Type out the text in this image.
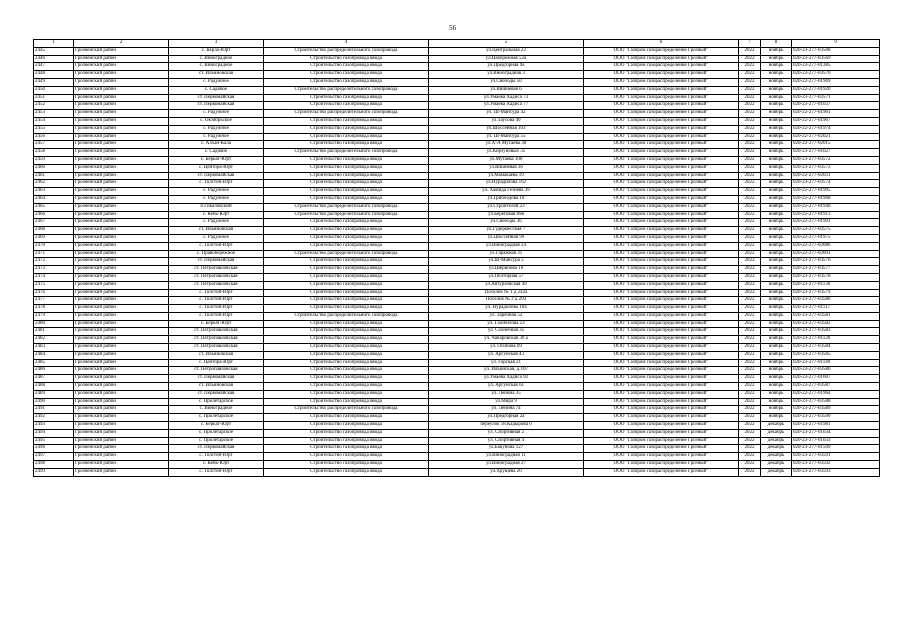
56
1	2	3	4	5	6	7	8	9
2445	Грозненский район	с. Керла-Юрт	Строительство распределительного газопровода	ул.Центральная 22	ООО "Газпром газораспределение Грозный"	2022	ноябрь	020-23-277-03568
2446	Грозненский район	с. Виноградное	Строительство газопровода ввода	ул.Набережная 52а	ООО "Газпром газораспределение Грозный"	2022	ноябрь	020-23-277-03569
2447	Грозненский район	с. Виноградное	Строительство газопровода ввода	ул.Предгорная 9а	ООО "Газпром газораспределение Грозный"	2022	ноябрь	020-23-277-01385
2448	Грозненский район	ст. Ильиновская	Строительство газопровода ввода	ул.Виноградная 3	ООО "Газпром газораспределение Грозный"	2022	ноябрь	020-23-277-03570
2449	Грозненский район	с. Радужное	Строительство газопровода ввода	ул.Свободы 50	ООО "Газпром газораспределение Грозный"	2022	ноябрь	020-22-277-01969
2450	Грозненский район	с. Садовое	Строительство распределительного газопровода	ул.Вишневая 6	ООО "Газпром газораспределение Грозный"	2022	ноябрь	020-22-277-01920
2451	Грозненский район	ст. Первомайская	Строительство газопровода ввода	ул.Умаева Хадиса 73	ООО "Газпром газораспределение Грозный"	2022	ноябрь	020-23-277-03571
2452	Грозненский район	ст. Первомайская	Строительство газопровода ввода	ул.Умаева Хадиса 77	ООО "Газпром газораспределение Грозный"	2022	ноябрь	020-23-277-01637
2453	Грозненский район	с. Радужное	Строительство распределительного газопровода	ул. Ш-Мансура 42	ООО "Газпром газораспределение Грозный"	2022	ноябрь	020-22-277-01961
2454	Грозненский район	с. Октябрьское	Строительство газопровода ввода	ул.Таусова 40	ООО "Газпром газораспределение Грозный"	2022	ноябрь	020-22-277-01967
2455	Грозненский район	с. Радужное	Строительство газопровода ввода	ул.Шоссейная 103	ООО "Газпром газораспределение Грозный"	2022	ноябрь	020-22-277-01974
2456	Грозненский район	с. Радужное	Строительство газопровода ввода	ул. Ш-Мансура 55	ООО "Газпром газораспределение Грозный"	2022	ноябрь	020-22-277-02021
2457	Грозненский район	с. Алхан-Кала	Строительство газопровода ввода	ул.Х-А Мусаева 30	ООО "Газпром газораспределение Грозный"	2022	ноябрь	020-22-277-02015
2458	Грозненский район	с. Садовое	Строительство распределительного газопровода	ул.Кирзуновых 35	ООО "Газпром газораспределение Грозный"	2022	ноябрь	020-23-277-01627
2459	Грозненский район	с. Беркат-Юрт	Строительство газопровода ввода	ул.Мутаева 100	ООО "Газпром газораспределение Грозный"	2022	ноябрь	020-23-277-03572
2460	Грозненский район	с. Центора-Юрт	Строительство газопровода ввода	ул.Вишневая 36	ООО "Газпром газораспределение Грозный"	2022	ноябрь	020-23-277-03573
2461	Грозненский район	ст. Первомайская	Строительство газопровода ввода	ул.Мамакаева 19	ООО "Газпром газораспределение Грозный"	2022	ноябрь	020-22-277-02031
2462	Грозненский район	с. Толстой-Юрт	Строительство газопровода ввода	ул.Нурадилова 162	ООО "Газпром газораспределение Грозный"	2022	ноябрь	020-23-277-03574
2463	Грозненский район	с. Радужное	Строительство газопровода ввода	ул. Хамида Гезиева 39	ООО "Газпром газораспределение Грозный"	2022	ноябрь	020-22-277-01995
2464	Грозненский район	с. Радужное	Строительство газопровода ввода	ул.Грибоедова 10	ООО "Газпром газораспределение Грозный"	2022	ноябрь	020-22-277-01968
2465	Грозненский район	п.Гикаловский	Строительство распределительного газопровода	ул.Строителей 23	ООО "Газпром газораспределение Грозный"	2022	ноябрь	020-22-277-01940
2466	Грозненский район	с. Кень-Юрт	Строительство распределительного газопровода	ул.Береговая 89в	ООО "Газпром газораспределение Грозный"	2022	ноябрь	020-22-277-01913
2467	Грозненский район	с. Радужное	Строительство газопровода ввода	ул.Свободы 36	ООО "Газпром газораспределение Грозный"	2022	ноябрь	020-22-277-01991
2468	Грозненский район	ст. Ильиновская	Строительство газопровода ввода	ул.Гудермесская 7	ООО "Газпром газораспределение Грозный"	2022	ноябрь	020-23-277-03575
2469	Грозненский район	с. Радужное	Строительство газопровода ввода	ул.Шоссейная 99	ООО "Газпром газораспределение Грозный"	2022	ноябрь	020-22-277-01975
2470	Грозненский район	с. Толстой-Юрт	Строительство газопровода ввода	ул.Виноградная 24	ООО "Газпром газораспределение Грозный"	2022	ноябрь	020-22-277-02086
2471	Грозненский район	с. Правобережное	Строительство распределительного газопровода	ул.Гаражная 31	ООО "Газпром газораспределение Грозный"	2022	ноябрь	020-22-277-02001
2472	Грозненский район	ст. Первомайская	Строительство газопровода ввода	ул.Ш-Мансура 5	ООО "Газпром газораспределение Грозный"	2022	ноябрь	020-23-277-03576
2473	Грозненский район	ст. Петропавловская	Строительство газопровода ввода	ул.Шерипова 16	ООО "Газпром газораспределение Грозный"	2022	ноябрь	020-23-277-03577
2474	Грозненский район	ст. Петропавловская	Строительство газопровода ввода	ул.Полторная 57	ООО "Газпром газораспределение Грозный"	2022	ноябрь	020-23-277-03578
2475	Грозненский район	ст. Петропавловская	Строительство газопровода ввода	ул.Автурховская 49	ООО "Газпром газораспределение Грозный"	2022	ноябрь	020-23-277-01136
2476	Грозненский район	с. Толстой-Юрт	Строительство газопровода ввода	Поселок № 1 д 242а	ООО "Газпром газораспределение Грозный"	2022	ноябрь	020-23-277-03579
2477	Грозненский район	с. Толстой-Юрт	Строительство газопровода ввода	Поселок № 3 д 293	ООО "Газпром газораспределение Грозный"	2022	ноябрь	020-23-277-03580
2478	Грозненский район	с. Толстой-Юрт	Строительство газопровода ввода	ул. Нурадилова 164	ООО "Газпром газораспределение Грозный"	2022	ноябрь	020-23-277-01117
2479	Грозненский район	с. Толстой-Юрт	Строительство распределительного газопровода	ул. Заречная 52	ООО "Газпром газораспределение Грозный"	2022	ноябрь	020-23-277-03581
2480	Грозненский район	с. Беркат-Юрт	Строительство газопровода ввода	ул. Г.Бибилова 23	ООО "Газпром газораспределение Грозный"	2022	ноябрь	020-23-277-03582
2481	Грозненский район	ст. Петропавловская	Строительство газопровода ввода	ул. Солнечная 35	ООО "Газпром газораспределение Грозный"	2022	ноябрь	020-23-277-03583
2482	Грозненский район	ст. Петропавловская	Строительство газопровода ввода	ул. Чабаровская 30 а	ООО "Газпром газораспределение Грозный"	2022	ноябрь	020-23-277-01126
2483	Грозненский район	ст. Петропавловская	Строительство газопровода ввода	ул. Осипова 69	ООО "Газпром газораспределение Грозный"	2022	ноябрь	020-23-277-03584
2484	Грозненский район	ст. Ильиновская	Строительство газопровода ввода	ул. Аргунская 43	ООО "Газпром газораспределение Грозный"	2022	ноябрь	020-23-277-03585
2485	Грозненский район	с. Центора-Юрт	Строительство газопровода ввода	ул. Горская 21	ООО "Газпром газораспределение Грозный"	2022	ноябрь	020-23-277-01140
2486	Грозненский район	ст. Петропавловская	Строительство газопровода ввода	ул. Ильинская, д.107	ООО "Газпром газораспределение Грозный"	2022	ноябрь	020-23-277-03586
2487	Грозненский район	ст. Первомайская	Строительство газопровода ввода	ул.Умаева Хадиса 92	ООО "Газпром газораспределение Грозный"	2022	ноябрь	020-23-277-01607
2488	Грозненский район	ст. Ильиновская	Строительство газопровода ввода	ул. Аргунская 61	ООО "Газпром газораспределение Грозный"	2022	ноябрь	020-23-277-03587
2489	Грозненский район	ст. Первомайская	Строительство газопровода ввода	ул. Ленина 35	ООО "Газпром газораспределение Грозный"	2022	ноябрь	020-22-277-01964
2490	Грозненский район	с. Пролетарское	Строительство газопровода ввода	ул.Мира 9	ООО "Газпром газораспределение Грозный"	2022	ноябрь	020-23-277-03588
2491	Грозненский район	с. Виноградное	Строительство распределительного газопровода	ул. Ленина 7а	ООО "Газпром газораспределение Грозный"	2022	ноябрь	020-23-277-03589
2492	Грозненский район	с. Пролетарское	Строительство газопровода ввода	ул.Предгорная 2а	ООО "Газпром газораспределение Грозный"	2022	ноябрь	020-23-277-03590
2493	Грозненский район	с. Беркат-Юрт	Строительство газопровода ввода	переулок 18.Кадырова 6	ООО "Газпром газораспределение Грозный"	2022	декабрь	020-23-277-01981
2494	Грозненский район	с. Пролетарское	Строительство газопровода ввода	ул. Спортивная 2	ООО "Газпром газораспределение Грозный"	2022	декабрь	020-23-277-01634
2495	Грозненский район	с. Пролетарское	Строительство газопровода ввода	ул. Спортивная 4	ООО "Газпром газораспределение Грозный"	2022	декабрь	020-23-277-01633
2496	Грозненский район	ст. Первомайская	Строительство газопровода ввода	ул.Бакунова 127	ООО "Газпром газораспределение Грозный"	2022	декабрь	020-23-277-01509
2497	Грозненский район	с. Толстой-Юрт	Строительство газопровода ввода	ул.Виноградная 11	ООО "Газпром газораспределение Грозный"	2022	декабрь	020-23-277-03591
2498	Грозненский район	с. Кень-Юрт	Строительство газопровода ввода	ул.Виноградная 27	ООО "Газпром газораспределение Грозный"	2022	декабрь	020-23-277-03592
2499	Грозненский район	с. Толстой-Юрт	Строительство газопровода ввода	ул.Хрущева 20	ООО "Газпром газораспределение Грозный"	2022	декабрь	020-23-277-03593
